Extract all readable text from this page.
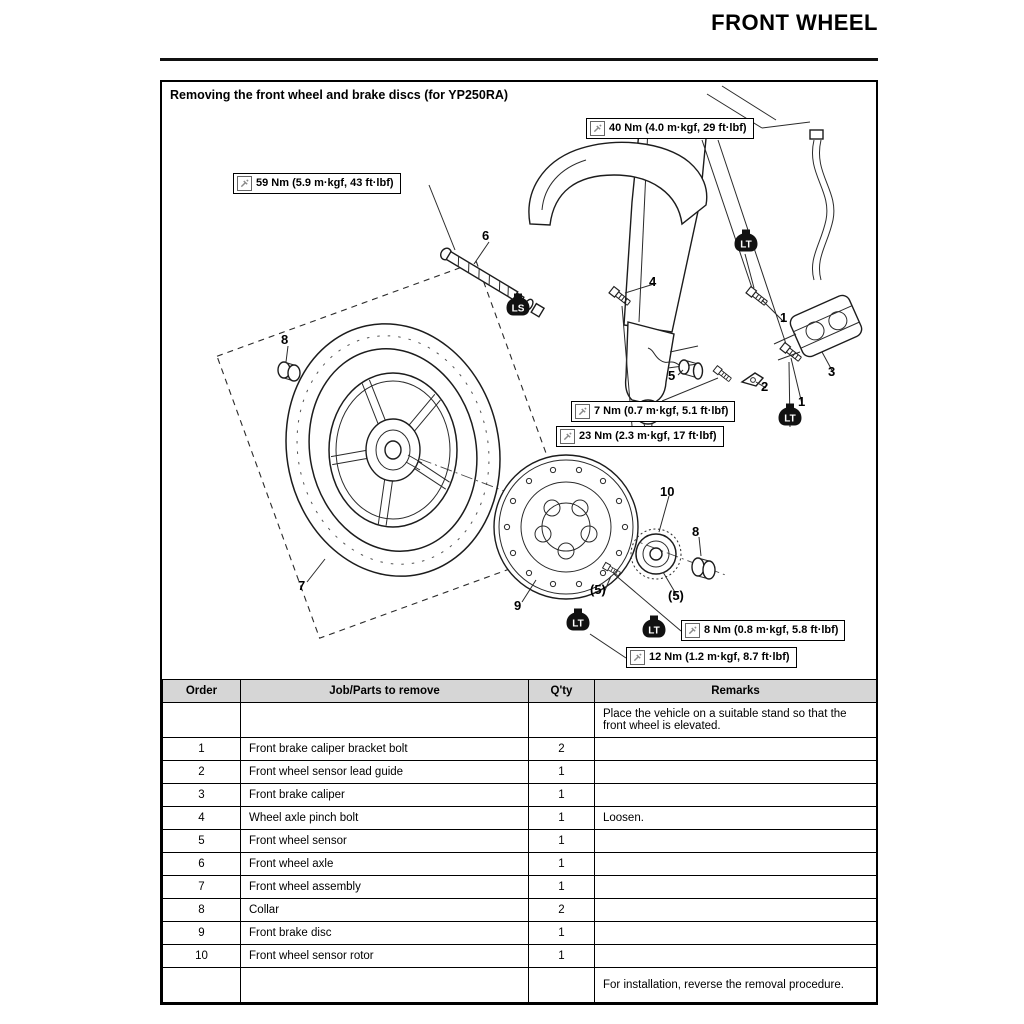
FRONT WHEEL
Removing the front wheel and brake discs (for YP250RA)
40 Nm (4.0 m·kgf, 29 ft·lbf)
59 Nm (5.9 m·kgf, 43 ft·lbf)
7 Nm (0.7 m·kgf, 5.1 ft·lbf)
23 Nm (2.3 m·kgf, 17 ft·lbf)
8 Nm (0.8 m·kgf, 5.8 ft·lbf)
12 Nm (1.2 m·kgf, 8.7 ft·lbf)
6
4
8
1
5
2
3
1
7
9
10
8
(5)	(5)
LT
LT
LT
LT
LS
Order	Job/Parts to remove	Q'ty	Remarks
			Place the vehicle on a suitable stand so that the front wheel is elevated.
1	Front brake caliper bracket bolt	2	
2	Front wheel sensor lead guide	1	
3	Front brake caliper	1	
4	Wheel axle pinch bolt	1	Loosen.
5	Front wheel sensor	1	
6	Front wheel axle	1	
7	Front wheel assembly	1	
8	Collar	2	
9	Front brake disc	1	
10	Front wheel sensor rotor	1	
			For installation, reverse the removal procedure.
